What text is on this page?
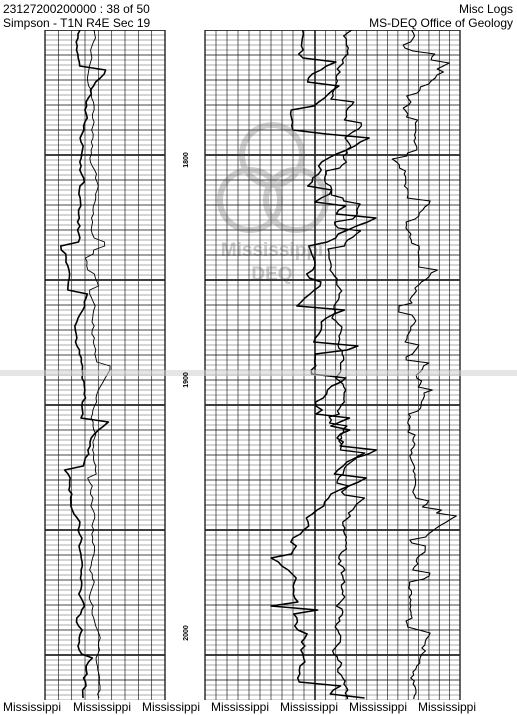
23127200200000 : 38 of 50
Simpson - T1N R4E Sec 19
Misc Logs
MS-DEQ Office of Geology
1800
1900
2000
Mississippi
DEQ
Mississippi Mississippi Mississippi Mississippi Mississippi Mississippi Mississippi
